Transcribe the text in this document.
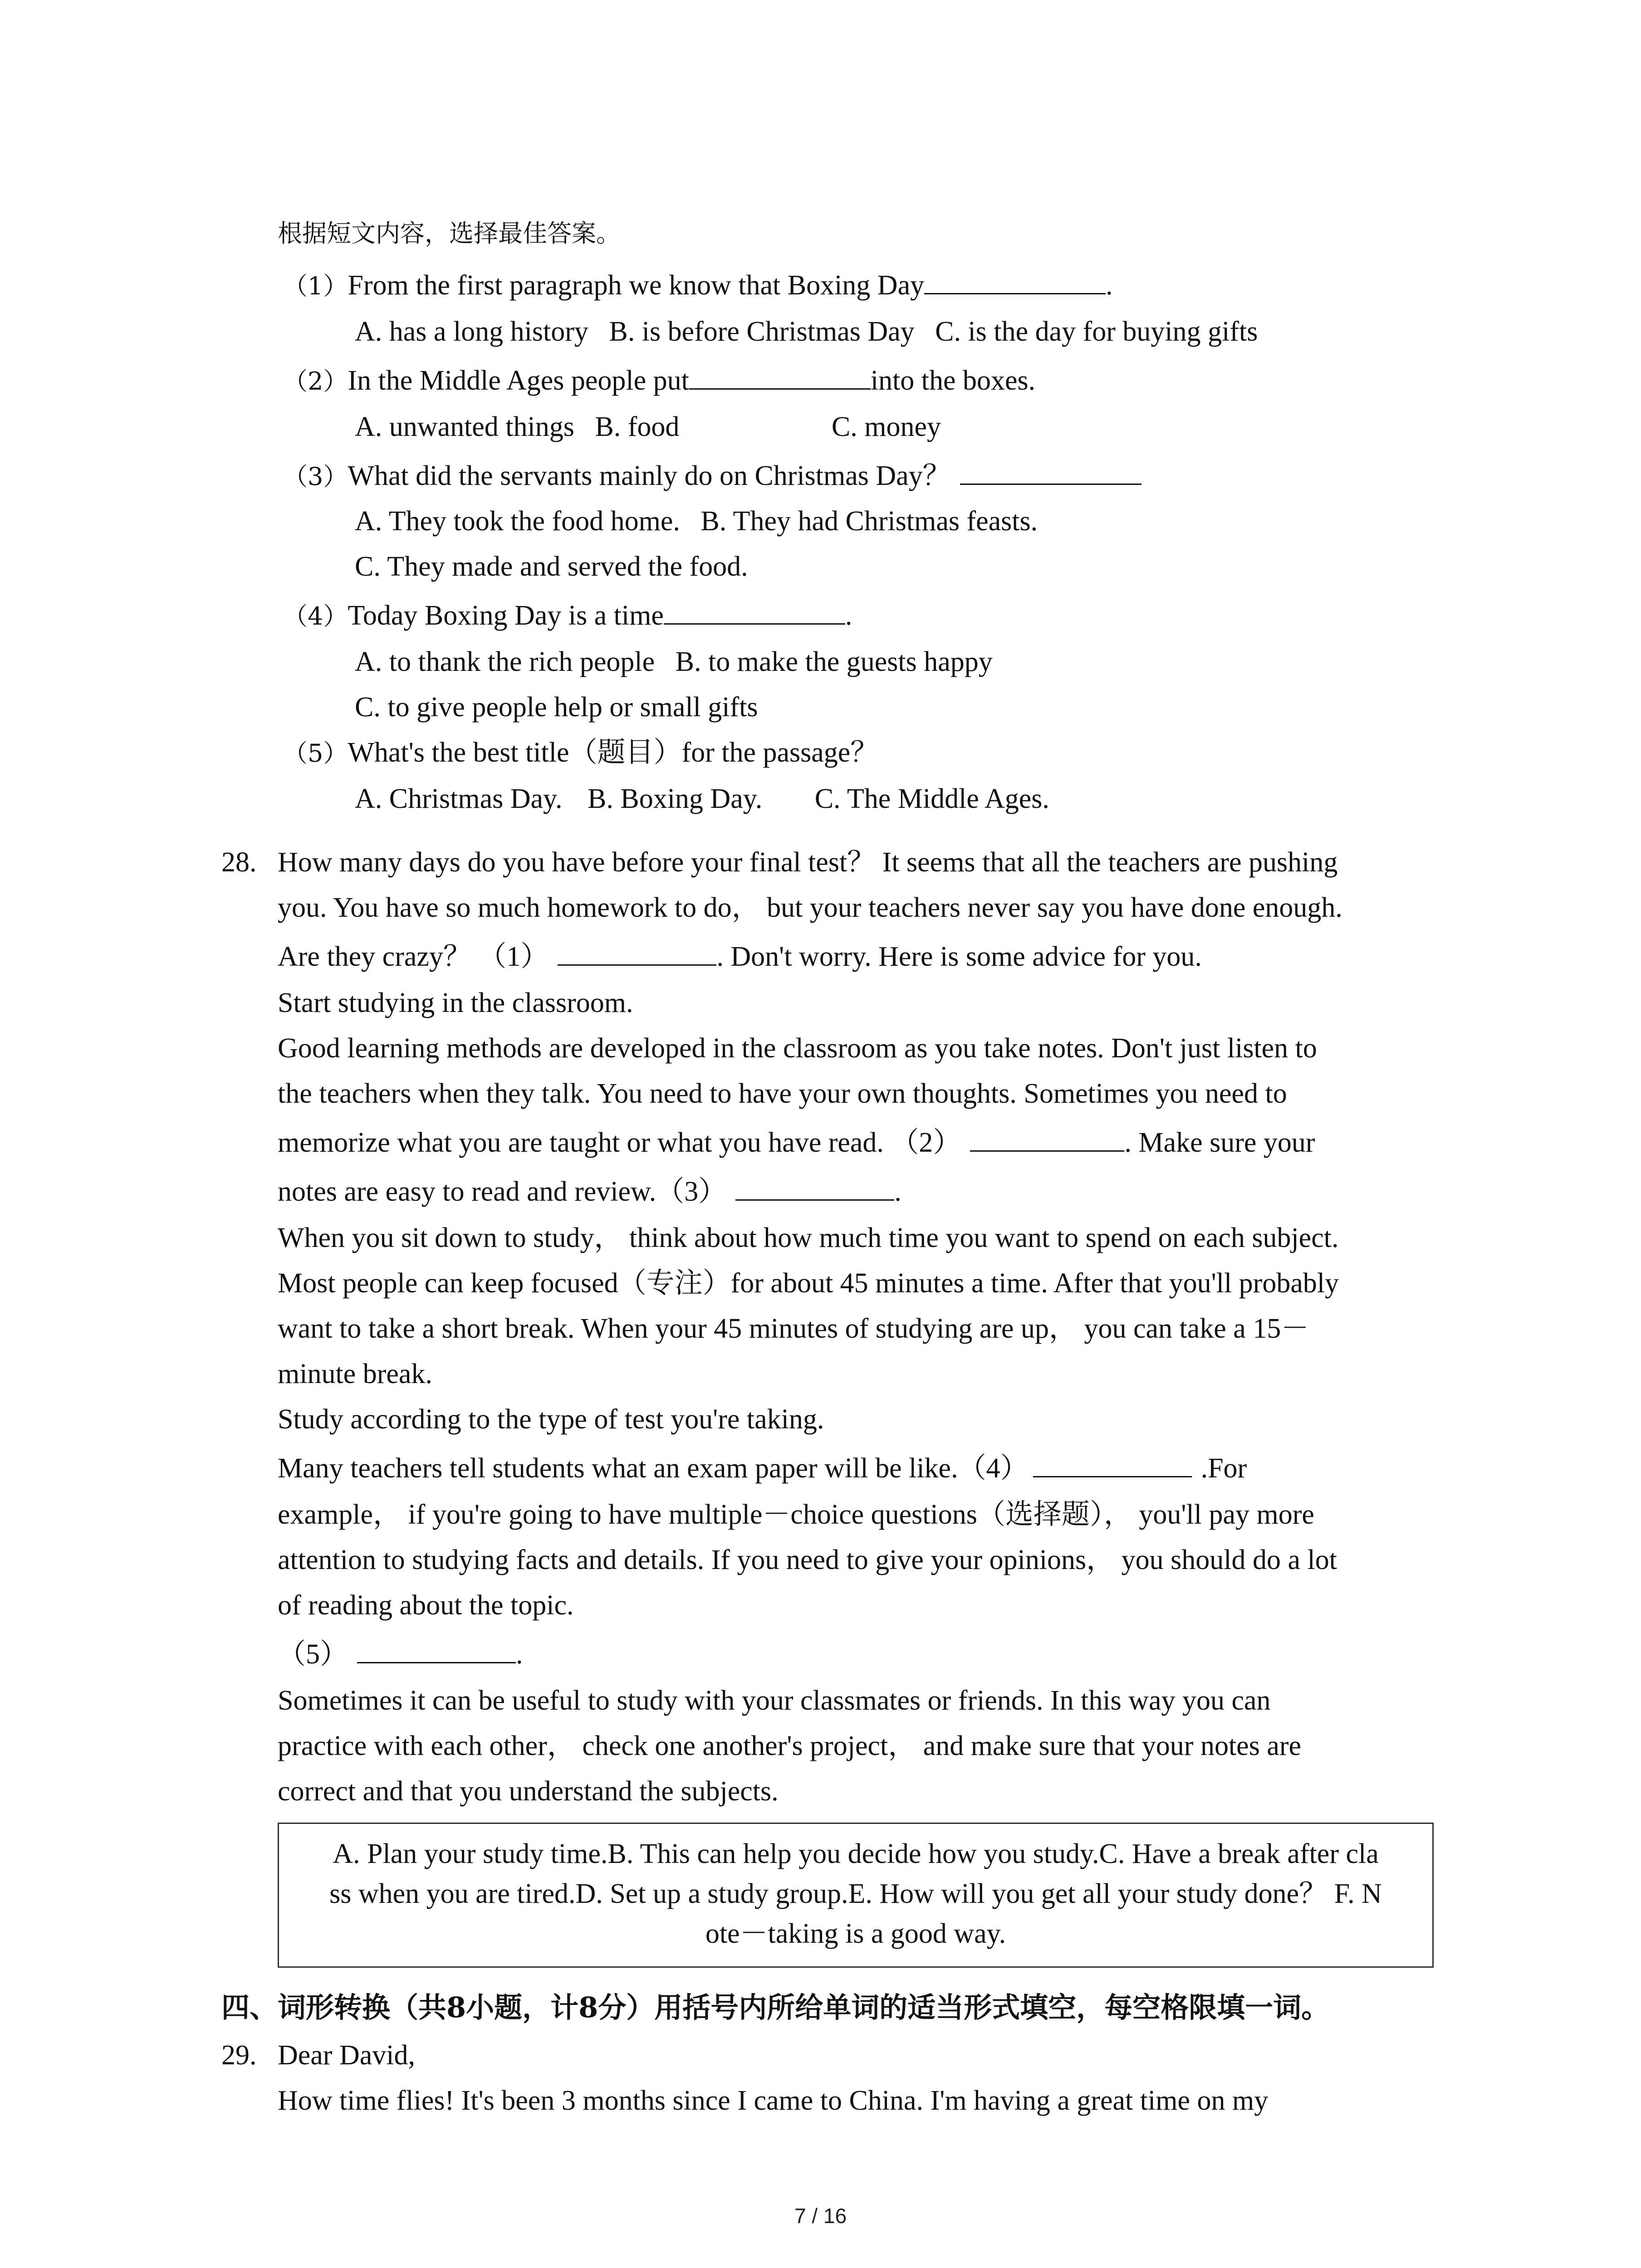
根据短文内容，选择最佳答案。
（1）From the first paragraph we know that Boxing Day	.
A. has a long history B. is before Christmas Day C. is the day for buying gifts
（2）In the Middle Ages people put	into the boxes.
A. unwanted things B. food	C. money
（3）What did the servants mainly do on Christmas Day？
A. They took the food home. B. They had Christmas feasts.
C. They made and served the food.
（4）Today Boxing Day is a time	.
A. to thank the rich people B. to make the guests happy
C. to give people help or small gifts
（5）What's the best title（题目）for the passage？
A. Christmas Day. B. Boxing Day. C. The Middle Ages.
28. How many days do you have before your final test？ It seems that all the teachers are pushing
you. You have so much homework to do， but your teachers never say you have done enough.
Are they crazy？ （1）	. Don't worry. Here is some advice for you.
Start studying in the classroom.
Good learning methods are developed in the classroom as you take notes. Don't just listen to
the teachers when they talk. You need to have your own thoughts. Sometimes you need to
memorize what you are taught or what you have read. （2）	. Make sure your
notes are easy to read and review.（3）	.
When you sit down to study， think about how much time you want to spend on each subject.
Most people can keep focused（专注）for about 45 minutes a time. After that you'll probably
want to take a short break. When your 45 minutes of studying are up， you can take a 15－
minute break.
Study according to the type of test you're taking.
Many teachers tell students what an exam paper will be like.（4）	.For
example， if you're going to have multiple－choice questions（选择题）， you'll pay more
attention to studying facts and details. If you need to give your opinions， you should do a lot
of reading about the topic.
（5）	.
Sometimes it can be useful to study with your classmates or friends. In this way you can
practice with each other， check one another's project， and make sure that your notes are
correct and that you understand the subjects.
A. Plan your study time.B. This can help you decide how you study.C. Have a break after cla
ss when you are tired.D. Set up a study group.E. How will you get all your study done？ F. N
ote－taking is a good way.
四、词形转换（共8小题，计8分）用括号内所给单词的适当形式填空，每空格限填一词。
29. Dear David,
How time flies! It's been 3 months since I came to China. I'm having a great time on my
7 / 16
